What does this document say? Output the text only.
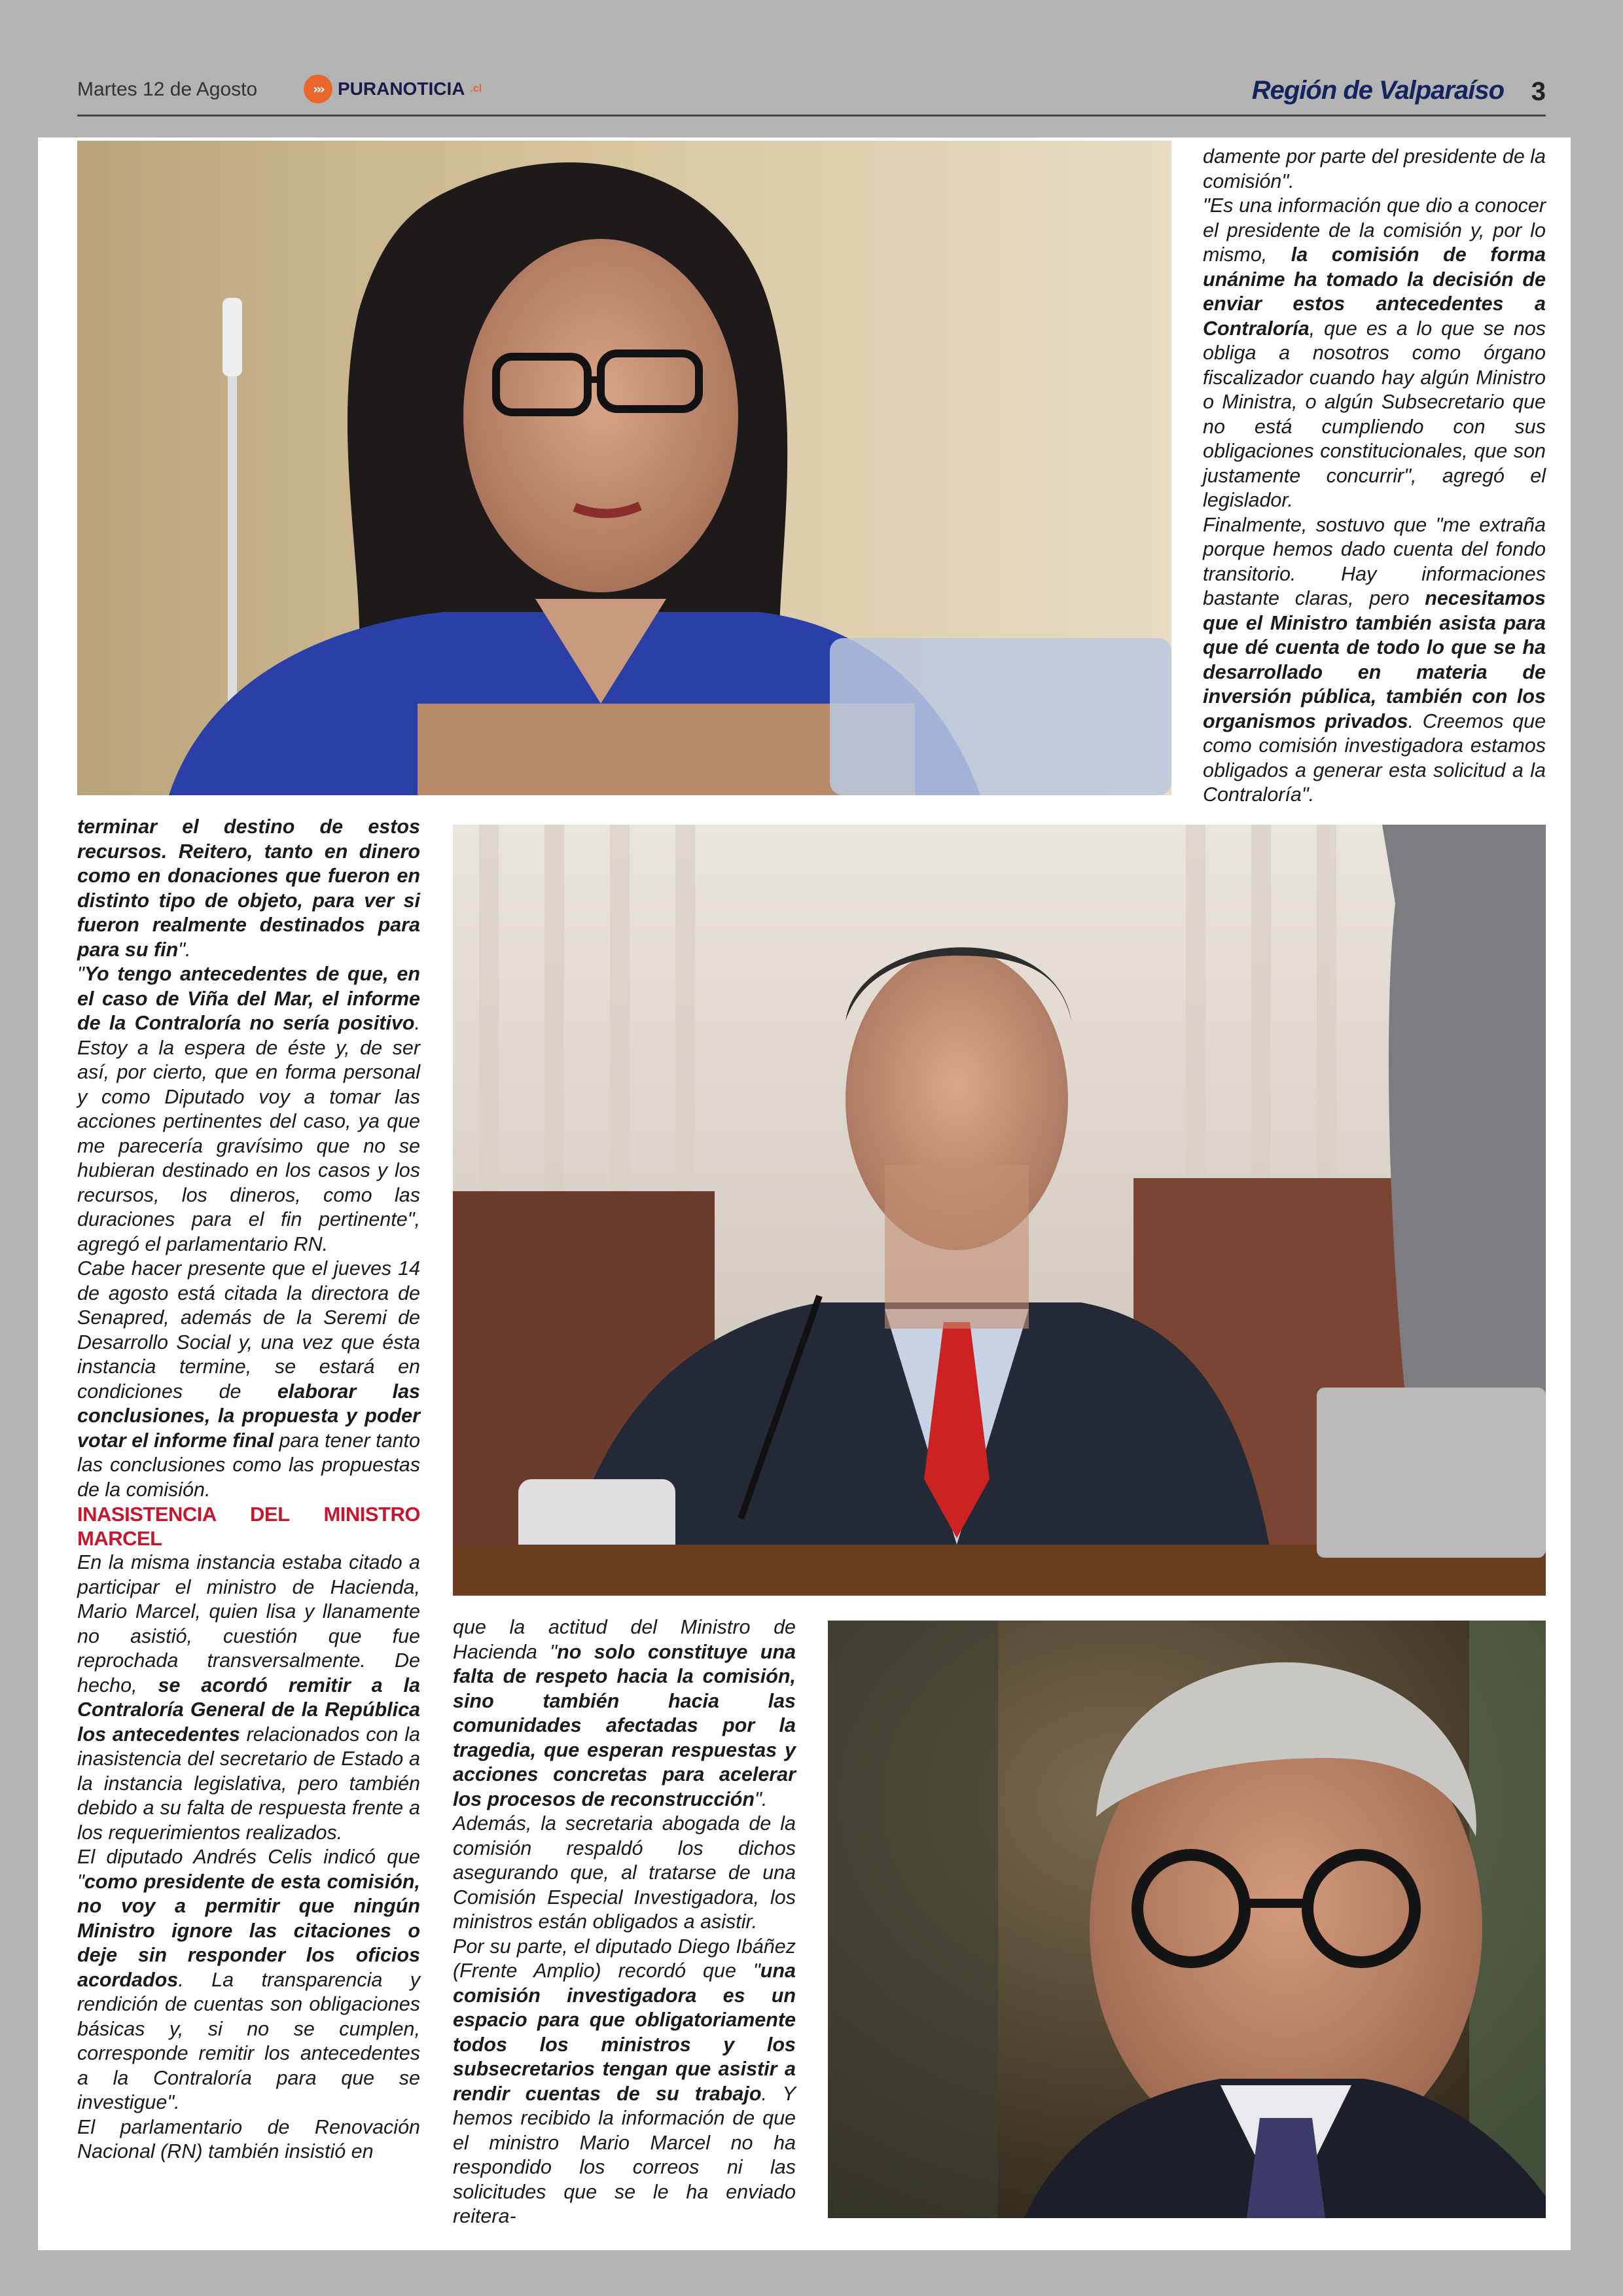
Martes 12 de Agosto	››› PURANOTICIA .cl	Región de Valparaíso 3

damente por parte del presidente de la comisión".

"Es una información que dio a conocer el presidente de la comisión y, por lo mismo, la comisión de forma unánime ha tomado la decisión de enviar estos antecedentes a Contraloría, que es a lo que se nos obliga a nosotros como órgano fiscalizador cuando hay algún Ministro o Ministra, o algún Subsecretario que no está cumpliendo con sus obligaciones constitucionales, que son justamente concurrir", agregó el legislador.

Finalmente, sostuvo que "me extraña porque hemos dado cuenta del fondo transitorio. Hay informaciones bastante claras, pero necesitamos que el Ministro también asista para que dé cuenta de todo lo que se ha desarrollado en materia de inversión pública, también con los organismos privados. Creemos que como comisión investigadora estamos obligados a generar esta solicitud a la Contraloría".

terminar el destino de estos recursos. Reitero, tanto en dinero como en donaciones que fueron en distinto tipo de objeto, para ver si fueron realmente destinados para para su fin".

"Yo tengo antecedentes de que, en el caso de Viña del Mar, el informe de la Contraloría no sería positivo. Estoy a la espera de éste y, de ser así, por cierto, que en forma personal y como Diputado voy a tomar las acciones pertinentes del caso, ya que me parecería gravísimo que no se hubieran destinado en los casos y los recursos, los dineros, como las duraciones para el fin pertinente", agregó el parlamentario RN.

Cabe hacer presente que el jueves 14 de agosto está citada la directora de Senapred, además de la Seremi de Desarrollo Social y, una vez que ésta instancia termine, se estará en condiciones de elaborar las conclusiones, la propuesta y poder votar el informe final para tener tanto las conclusiones como las propuestas de la comisión.

INASISTENCIA DEL MINISTRO MARCEL

En la misma instancia estaba citado a participar el ministro de Hacienda, Mario Marcel, quien lisa y llanamente no asistió, cuestión que fue reprochada transversalmente. De hecho, se acordó remitir a la Contraloría General de la República los antecedentes relacionados con la inasistencia del secretario de Estado a la instancia legislativa, pero también debido a su falta de respuesta frente a los requerimientos realizados.

El diputado Andrés Celis indicó que "como presidente de esta comisión, no voy a permitir que ningún Ministro ignore las citaciones o deje sin responder los oficios acordados. La transparencia y rendición de cuentas son obligaciones básicas y, si no se cumplen, corresponde remitir los antecedentes a la Contraloría para que se investigue".

El parlamentario de Renovación Nacional (RN) también insistió en

que la actitud del Ministro de Hacienda "no solo constituye una falta de respeto hacia la comisión, sino también hacia las comunidades afectadas por la tragedia, que esperan respuestas y acciones concretas para acelerar los procesos de reconstrucción".

Además, la secretaria abogada de la comisión respaldó los dichos asegurando que, al tratarse de una Comisión Especial Investigadora, los ministros están obligados a asistir.

Por su parte, el diputado Diego Ibáñez (Frente Amplio) recordó que "una comisión investigadora es un espacio para que obligatoriamente todos los ministros y los subsecretarios tengan que asistir a rendir cuentas de su trabajo. Y hemos recibido la información de que el ministro Mario Marcel no ha respondido los correos ni las solicitudes que se le ha enviado reitera-
